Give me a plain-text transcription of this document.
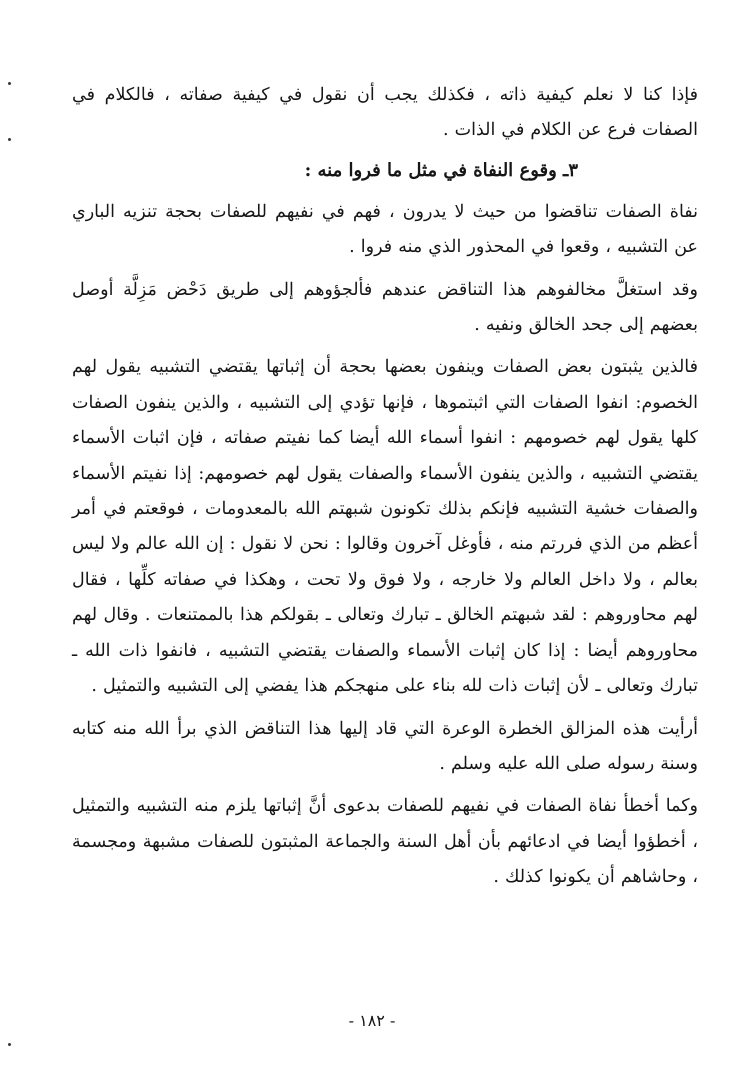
فإذا كنا لا نعلم كيفية ذاته ، فكذلك يجب أن نقول في كيفية صفاته ، فالكلام في الصفات فرع عن الكلام في الذات .

٣ـ وقوع النفاة في مثل ما فروا منه :

نفاة الصفات تناقضوا من حيث لا يدرون ، فهم في نفيهم للصفات بحجة تنزيه الباري عن التشبيه ، وقعوا في المحذور الذي منه فروا .

وقد استغلَّ مخالفوهم هذا التناقض عندهم فألجؤوهم إلى طريق دَحْض مَزِلَّة أوصل بعضهم إلى جحد الخالق ونفيه .

فالذين يثبتون بعض الصفات وينفون بعضها بحجة أن إثباتها يقتضي التشبيه يقول لهم الخصوم: انفوا الصفات التي اثبتموها ، فإنها تؤدي إلى التشبيه ، والذين ينفون الصفات كلها يقول لهم خصومهم : انفوا أسماء الله أيضا كما نفيتم صفاته ، فإن اثبات الأسماء يقتضي التشبيه ، والذين ينفون الأسماء والصفات يقول لهم خصومهم: إذا نفيتم الأسماء والصفات خشية التشبيه فإنكم بذلك تكونون شبهتم الله بالمعدومات ، فوقعتم في أمر أعظم من الذي فررتم منه ، فأوغل آخرون وقالوا : نحن لا نقول : إن الله عالم ولا ليس بعالم ، ولا داخل العالم ولا خارجه ، ولا فوق ولا تحت ، وهكذا في صفاته كلِّها ، فقال لهم محاوروهم : لقد شبهتم الخالق ـ تبارك وتعالى ـ بقولكم هذا بالممتنعات . وقال لهم محاوروهم أيضا : إذا كان إثبات الأسماء والصفات يقتضي التشبيه ، فانفوا ذات الله ـ تبارك وتعالى ـ لأن إثبات ذات لله بناء على منهجكم هذا يفضي إلى التشبيه والتمثيل .

أرأيت هذه المزالق الخطرة الوعرة التي قاد إليها هذا التناقض الذي برأ الله منه كتابه وسنة رسوله صلى الله عليه وسلم .

وكما أخطأ نفاة الصفات في نفيهم للصفات بدعوى أنَّ إثباتها يلزم منه التشبيه والتمثيل ، أخطؤوا أيضا في ادعائهم بأن أهل السنة والجماعة المثبتون للصفات مشبهة ومجسمة ، وحاشاهم أن يكونوا كذلك .

- ١٨٢ -
